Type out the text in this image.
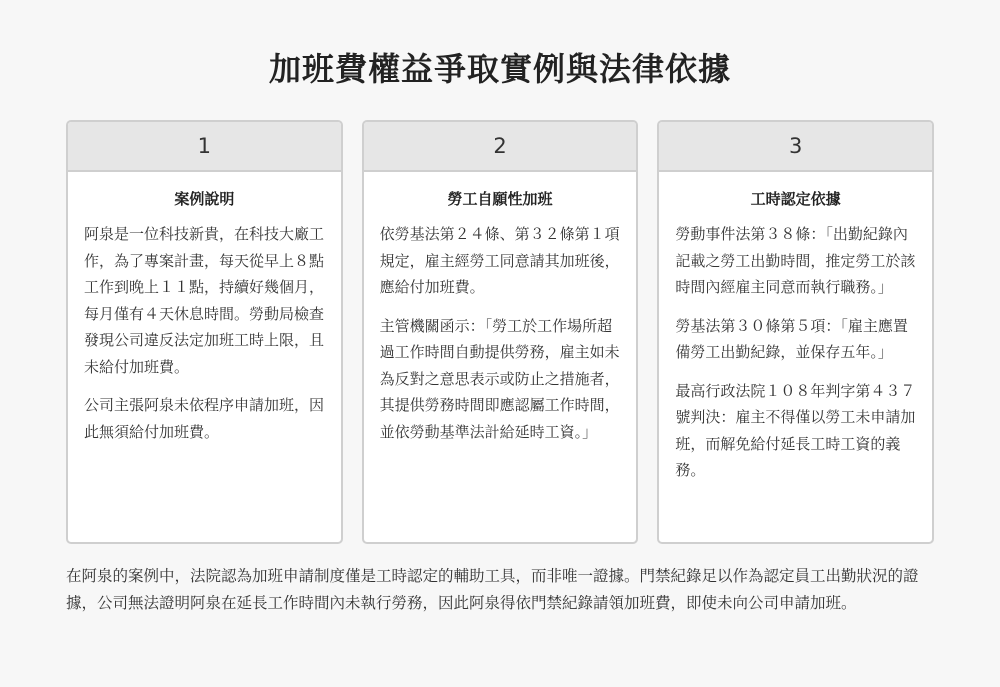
加班費權益爭取實例與法律依據
1
案例說明

阿泉是一位科技新貴，在科技大廠工作，為了專案計畫，每天從早上８點工作到晚上１１點，持續好幾個月，每月僅有４天休息時間。勞動局檢查發現公司違反法定加班工時上限，且未給付加班費。

公司主張阿泉未依程序申請加班，因此無須給付加班費。

2
勞工自願性加班

依勞基法第２４條、第３２條第１項規定，雇主經勞工同意請其加班後，應給付加班費。

主管機關函示：「勞工於工作場所超過工作時間自動提供勞務，雇主如未為反對之意思表示或防止之措施者，其提供勞務時間即應認屬工作時間，並依勞動基準法計給延時工資。」

3
工時認定依據

勞動事件法第３８條：「出勤紀錄內記載之勞工出勤時間，推定勞工於該時間內經雇主同意而執行職務。」

勞基法第３０條第５項：「雇主應置備勞工出勤紀錄，並保存五年。」

最高行政法院１０８年判字第４３７號判決：雇主不得僅以勞工未申請加班，而解免給付延長工時工資的義務。

在阿泉的案例中，法院認為加班申請制度僅是工時認定的輔助工具，而非唯一證據。門禁紀錄足以作為認定員工出勤狀況的證據，公司無法證明阿泉在延長工作時間內未執行勞務，因此阿泉得依門禁紀錄請領加班費，即使未向公司申請加班。
